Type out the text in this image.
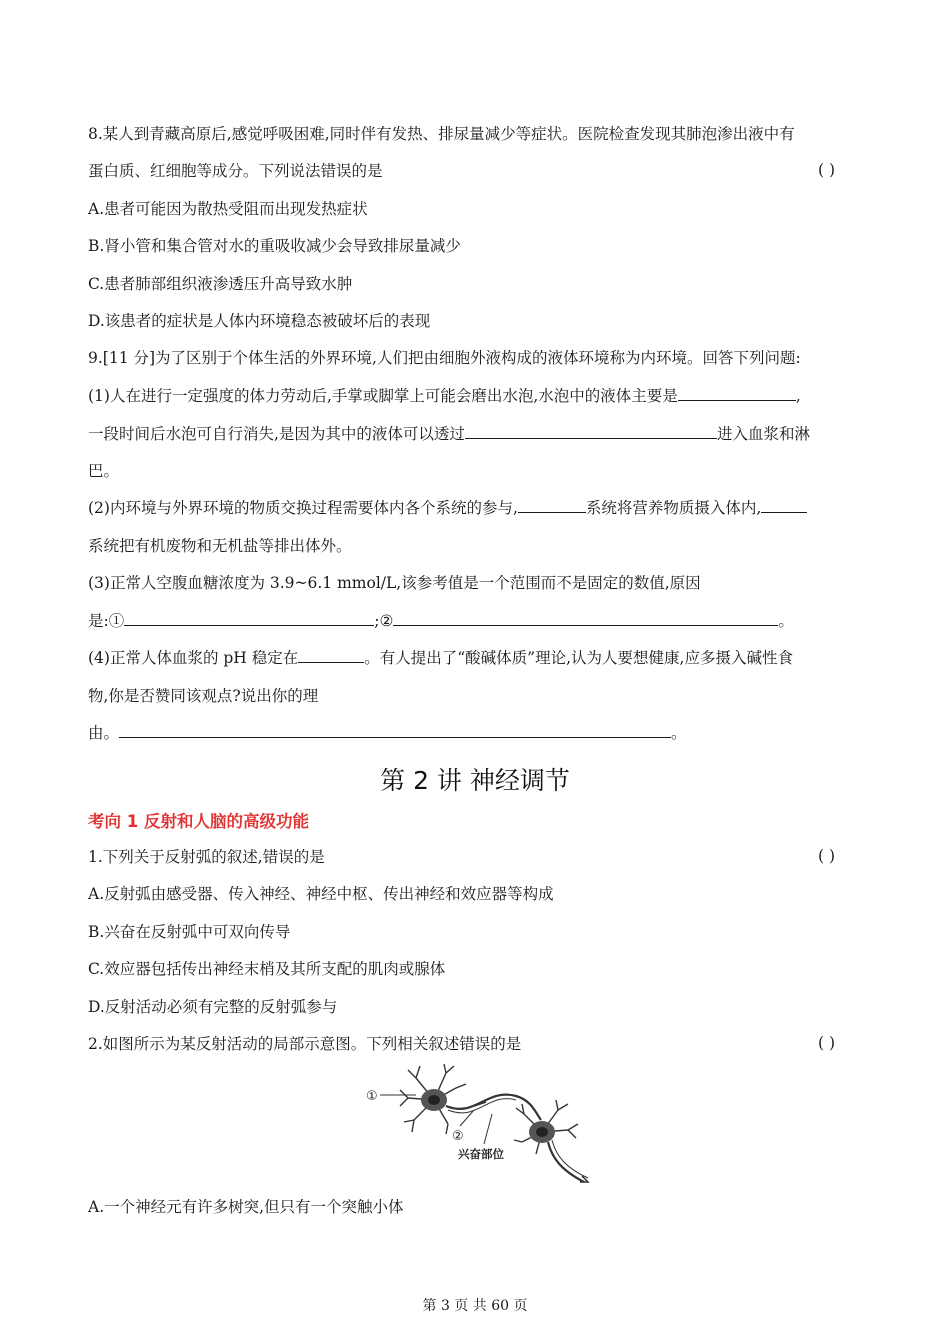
8.某人到青藏高原后,感觉呼吸困难,同时伴有发热、排尿量减少等症状。医院检查发现其肺泡渗出液中有
蛋白质、红细胞等成分。下列说法错误的是	( )
A.患者可能因为散热受阻而出现发热症状
B.肾小管和集合管对水的重吸收减少会导致排尿量减少
C.患者肺部组织液渗透压升高导致水肿
D.该患者的症状是人体内环境稳态被破坏后的表现
9.[11 分]为了区别于个体生活的外界环境,人们把由细胞外液构成的液体环境称为内环境。回答下列问题:
(1)人在进行一定强度的体力劳动后,手掌或脚掌上可能会磨出水泡,水泡中的液体主要是	,
一段时间后水泡可自行消失,是因为其中的液体可以透过	进入血浆和淋
巴。
(2)内环境与外界环境的物质交换过程需要体内各个系统的参与,	系统将营养物质摄入体内,
系统把有机废物和无机盐等排出体外。
(3)正常人空腹血糖浓度为 3.9~6.1 mmol/L,该参考值是一个范围而不是固定的数值,原因
是:①	;②	。
(4)正常人体血浆的 pH 稳定在	。有人提出了“酸碱体质”理论,认为人要想健康,应多摄入碱性食
物,你是否赞同该观点?说出你的理
由。	。
第 2 讲 神经调节
考向 1 反射和人脑的高级功能
1.下列关于反射弧的叙述,错误的是	( )
A.反射弧由感受器、传入神经、神经中枢、传出神经和效应器等构成
B.兴奋在反射弧中可双向传导
C.效应器包括传出神经末梢及其所支配的肌肉或腺体
D.反射活动必须有完整的反射弧参与
2.如图所示为某反射活动的局部示意图。下列相关叙述错误的是	( )
①
②
兴奋部位
A.一个神经元有许多树突,但只有一个突触小体
第 3 页 共 60 页
